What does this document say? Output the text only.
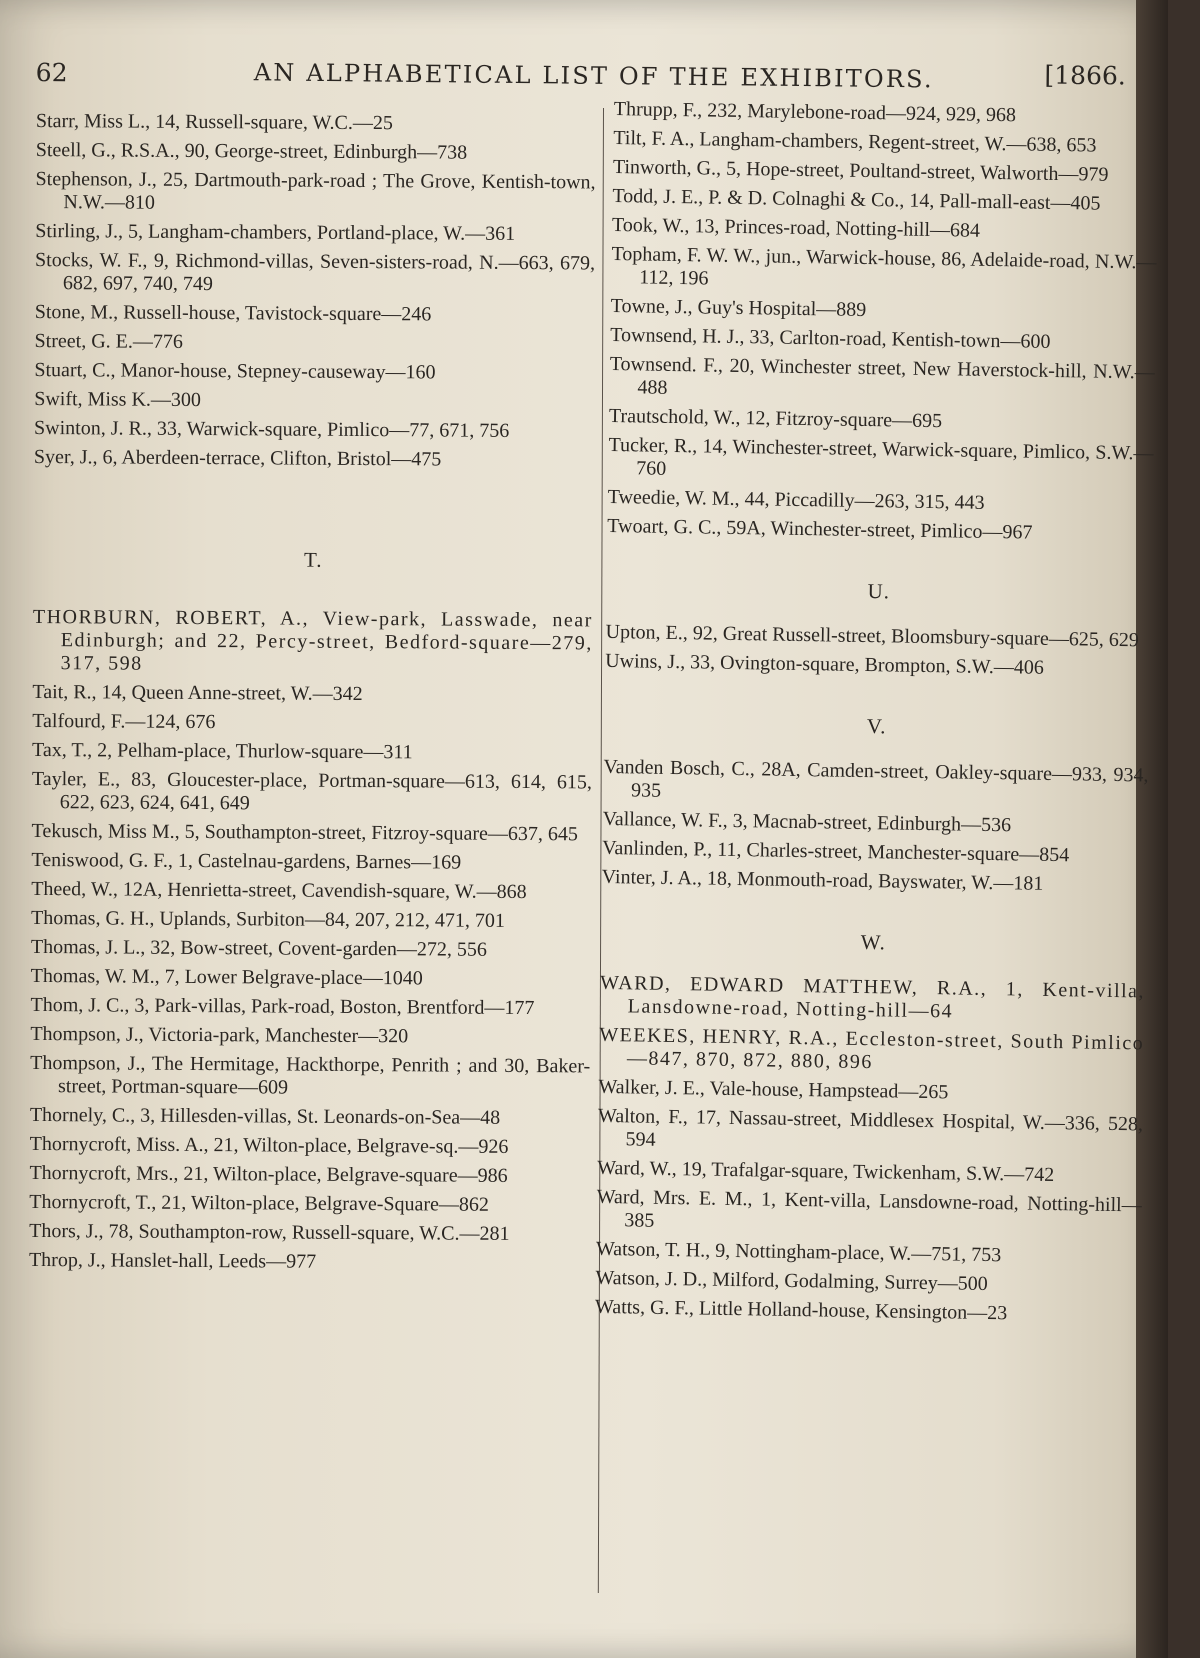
62	AN ALPHABETICAL LIST OF THE EXHIBITORS.	[1866.

Starr, Miss L., 14, Russell-square, W.C.—25

Steell, G., R.S.A., 90, George-street, Edinburgh—738

Stephenson, J., 25, Dartmouth-park-road ; The Grove, Kentish-town, N.W.—810

Stirling, J., 5, Langham-chambers, Portland-place, W.—361

Stocks, W. F., 9, Richmond-villas, Seven-sisters-road, N.—663, 679, 682, 697, 740, 749

Stone, M., Russell-house, Tavistock-square—246

Street, G. E.—776

Stuart, C., Manor-house, Stepney-causeway—160

Swift, Miss K.—300

Swinton, J. R., 33, Warwick-square, Pimlico—77, 671, 756

Syer, J., 6, Aberdeen-terrace, Clifton, Bristol—475

T.

THORBURN, ROBERT, A., View-park, Lasswade, near Edinburgh; and 22, Percy-street, Bedford-square—279, 317, 598

Tait, R., 14, Queen Anne-street, W.—342

Talfourd, F.—124, 676

Tax, T., 2, Pelham-place, Thurlow-square—311

Tayler, E., 83, Gloucester-place, Portman-square—613, 614, 615, 622, 623, 624, 641, 649

Tekusch, Miss M., 5, Southampton-street, Fitzroy-square—637, 645

Teniswood, G. F., 1, Castelnau-gardens, Barnes—169

Theed, W., 12A, Henrietta-street, Cavendish-square, W.—868

Thomas, G. H., Uplands, Surbiton—84, 207, 212, 471, 701

Thomas, J. L., 32, Bow-street, Covent-garden—272, 556

Thomas, W. M., 7, Lower Belgrave-place—1040

Thom, J. C., 3, Park-villas, Park-road, Boston, Brentford—177

Thompson, J., Victoria-park, Manchester—320

Thompson, J., The Hermitage, Hackthorpe, Penrith ; and 30, Baker-street, Portman-square—609

Thornely, C., 3, Hillesden-villas, St. Leonards-on-Sea—48

Thornycroft, Miss. A., 21, Wilton-place, Belgrave-sq.—926

Thornycroft, Mrs., 21, Wilton-place, Belgrave-square—986

Thornycroft, T., 21, Wilton-place, Belgrave-Square—862

Thors, J., 78, Southampton-row, Russell-square, W.C.—281

Throp, J., Hanslet-hall, Leeds—977

Thrupp, F., 232, Marylebone-road—924, 929, 968

Tilt, F. A., Langham-chambers, Regent-street, W.—638, 653

Tinworth, G., 5, Hope-street, Poultand-street, Walworth—979

Todd, J. E., P. & D. Colnaghi & Co., 14, Pall-mall-east—405

Took, W., 13, Princes-road, Notting-hill—684

Topham, F. W. W., jun., Warwick-house, 86, Adelaide-road, N.W.—112, 196

Towne, J., Guy's Hospital—889

Townsend, H. J., 33, Carlton-road, Kentish-town—600

Townsend. F., 20, Winchester street, New Haverstock-hill, N.W.—488

Trautschold, W., 12, Fitzroy-square—695

Tucker, R., 14, Winchester-street, Warwick-square, Pimlico, S.W.—760

Tweedie, W. M., 44, Piccadilly—263, 315, 443

Twoart, G. C., 59A, Winchester-street, Pimlico—967

U.

Upton, E., 92, Great Russell-street, Bloomsbury-square—625, 629

Uwins, J., 33, Ovington-square, Brompton, S.W.—406

V.

Vanden Bosch, C., 28A, Camden-street, Oakley-square—933, 934, 935

Vallance, W. F., 3, Macnab-street, Edinburgh—536

Vanlinden, P., 11, Charles-street, Manchester-square—854

Vinter, J. A., 18, Monmouth-road, Bayswater, W.—181

W.

WARD, EDWARD MATTHEW, R.A., 1, Kent-villa, Lansdowne-road, Notting-hill—64

WEEKES, HENRY, R.A., Eccleston-street, South Pimlico—847, 870, 872, 880, 896

Walker, J. E., Vale-house, Hampstead—265

Walton, F., 17, Nassau-street, Middlesex Hospital, W.—336, 528, 594

Ward, W., 19, Trafalgar-square, Twickenham, S.W.—742

Ward, Mrs. E. M., 1, Kent-villa, Lansdowne-road, Notting-hill—385

Watson, T. H., 9, Nottingham-place, W.—751, 753

Watson, J. D., Milford, Godalming, Surrey—500

Watts, G. F., Little Holland-house, Kensington—23
